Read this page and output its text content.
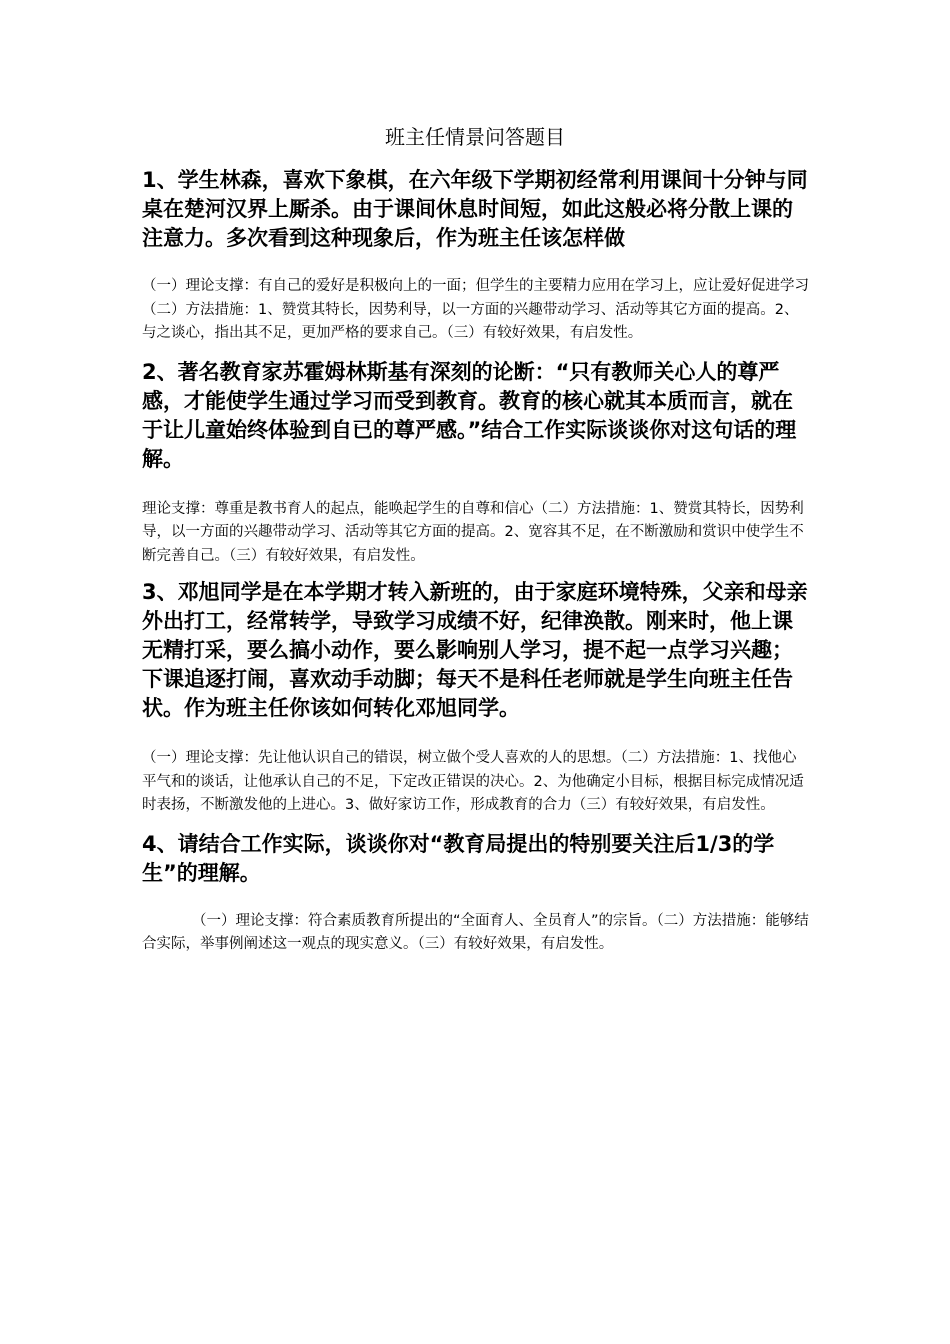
班主任情景问答题目

1、学生林森，喜欢下象棋，在六年级下学期初经常利用课间十分钟与同桌在楚河汉界上厮杀。由于课间休息时间短，如此这般必将分散上课的注意力。多次看到这种现象后，作为班主任该怎样做

（一）理论支撑：有自己的爱好是积极向上的一面；但学生的主要精力应用在学习上，应让爱好促进学习（二）方法措施：1、赞赏其特长，因势利导，以一方面的兴趣带动学习、活动等其它方面的提高。2、与之谈心，指出其不足，更加严格的要求自己。（三）有较好效果，有启发性。

2、著名教育家苏霍姆林斯基有深刻的论断：“只有教师关心人的尊严感，才能使学生通过学习而受到教育。教育的核心就其本质而言，就在于让儿童始终体验到自已的尊严感。”结合工作实际谈谈你对这句话的理解。

理论支撑：尊重是教书育人的起点，能唤起学生的自尊和信心（二）方法措施：1、赞赏其特长，因势利导，以一方面的兴趣带动学习、活动等其它方面的提高。2、宽容其不足，在不断激励和赏识中使学生不断完善自己。（三）有较好效果，有启发性。

3、邓旭同学是在本学期才转入新班的，由于家庭环境特殊，父亲和母亲外出打工，经常转学，导致学习成绩不好，纪律涣散。刚来时，他上课无精打采，要么搞小动作，要么影响别人学习，提不起一点学习兴趣；下课追逐打闹，喜欢动手动脚；每天不是科任老师就是学生向班主任告状。作为班主任你该如何转化邓旭同学。

（一）理论支撑：先让他认识自己的错误，树立做个受人喜欢的人的思想。（二）方法措施：1、找他心平气和的谈话，让他承认自己的不足，下定改正错误的决心。2、为他确定小目标，根据目标完成情况适时表扬，不断激发他的上进心。3、做好家访工作，形成教育的合力（三）有较好效果，有启发性。

4、请结合工作实际，谈谈你对“教育局提出的特别要关注后1/3的学生”的理解。

（一）理论支撑：符合素质教育所提出的“全面育人、全员育人”的宗旨。（二）方法措施：能够结合实际，举事例阐述这一观点的现实意义。（三）有较好效果，有启发性。
